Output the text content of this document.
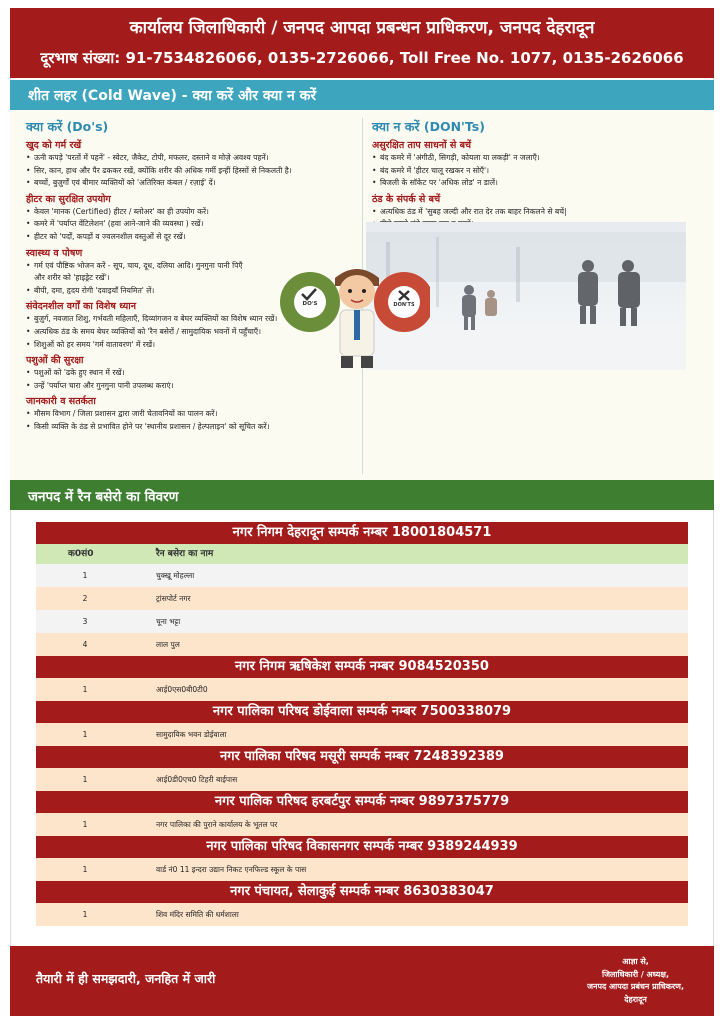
कार्यालय जिलाधिकारी / जनपद आपदा प्रबन्धन प्राधिकरण, जनपद देहरादून
दूरभाष संख्या: 91-7534826066, 0135-2726066, Toll Free No. 1077, 0135-2626066
शीत लहर (Cold Wave) - क्या करें और क्या न करें
क्या करें (Do's)
खुद को गर्म रखें
• ऊनी कपड़े 'परतों में पहनें' - स्वेटर, जैकेट, टोपी, मफलर, दस्ताने व मोज़े अवश्य पहनें।
• सिर, कान, हाथ और पैर ढककर रखें, क्योंकि शरीर की अधिक गर्मी इन्हीं हिस्सों से निकलती है।
• बच्चों, बुज़ुर्गों एवं बीमार व्यक्तियों को 'अतिरिक्त कंबल / रज़ाई' दें।
हीटर का सुरक्षित उपयोग
• केवल 'मानक (Certified) हीटर / ब्लोअर' का ही उपयोग करें।
• कमरे में 'पर्याप्त वेंटिलेशन' (हवा आने-जाने की व्यवस्था ) रखें।
• हीटर को 'पर्दों, कपड़ों व ज्वलनशील वस्तुओं से दूर रखें।
स्वास्थ्य व पोषण
• गर्म एवं पौष्टिक भोजन करें - सूप, चाय, दूध, दलिया आदि। गुनगुना पानी पिएँ
और शरीर को 'हाइड्रेट रखें'।
• बीपी, दमा, हृदय रोगी 'दवाइयाँ नियमित' लें।
संवेदनशील वर्गों का विशेष ध्यान
• बुज़ुर्ग, नवजात शिशु, गर्भवती महिलाएँ, दिव्यांगजन व बेघर व्यक्तियों का विशेष ध्यान रखें।
• अत्यधिक ठंड के समय बेघर व्यक्तियों को 'रैन बसेरों / सामुदायिक भवनों में पहुँचाएँ।
• शिशुओं को हर समय 'गर्म वातावरण' में रखें।
पशुओं की सुरक्षा
• पशुओं को 'ढके हुए स्थान में रखें।
• उन्हें 'पर्याप्त चारा और गुनगुना पानी उपलब्ध कराएं।
जानकारी व सतर्कता
• मौसम विभाग / जिला प्रशासन द्वारा जारी चेतावनियों का पालन करें।
• किसी व्यक्ति के ठंड से प्रभावित होने पर 'स्थानीय प्रशासन / हेल्पलाइन' को सूचित करें।
क्या न करें (DON'Ts)
असुरक्षित ताप साधनों से बचें
• बंद कमरे में 'अंगीठी, सिगड़ी, कोयला या लकड़ी' न जलाएँ।
• बंद कमरे में 'हीटर चालू रखकर न सोएँ'।
• बिजली के सॉकेट पर 'अधिक लोड' न डालें।
ठंड के संपर्क से बचें
• अत्यधिक ठंड में 'सुबह जल्दी और रात देर तक बाहर निकलने से बचें|
•
•
•
•
DO'S	DON'TS
जनपद में रैन बसेरो का विवरण
नगर निगम देहरादून सम्पर्क नम्बर 18001804571
क0सं0	रैन बसेरा का नाम
1	चुक्खू मोहल्ला
2	ट्रांसपोर्ट नगर
3	चूना भट्टा
4	लाल पुल
नगर निगम ऋषिकेश सम्पर्क नम्बर 9084520350
1	आई0एस0बी0टी0
नगर पालिका परिषद डोईवाला सम्पर्क नम्बर 7500338079
1	सामुदायिक भवन डोईवाला
नगर पालिका परिषद मसूरी सम्पर्क नम्बर 7248392389
1	आई0डी0एच0 टिहरी बाईपास
नगर पालिक परिषद हरबर्टपुर सम्पर्क नम्बर 9897375779
1	नगर पालिका की पुराने कार्यालय के भूतल पर
नगर पालिका परिषद विकासनगर सम्पर्क नम्बर 9389244939
1	वार्ड नं0 11 इन्दरा उद्यान निकट एनफिल्ड स्कूल के पास
नगर पंचायत, सेलाकुई सम्पर्क नम्बर 8630383047
1	शिव मंदिर समिति की धर्मशाला
तैयारी में ही समझदारी, जनहित में जारी
आज्ञा से,
जिलाधिकारी / अध्यक्ष,
जनपद आपदा प्रबंधन प्राधिकरण,
देहरादून
